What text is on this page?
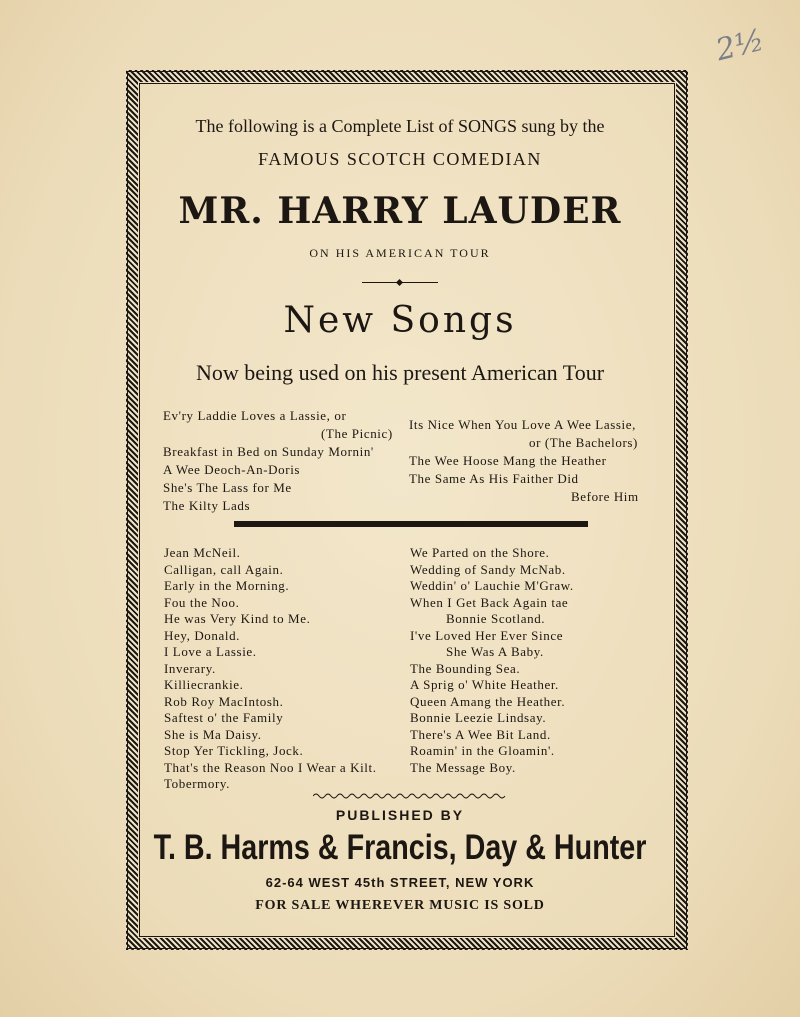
2½
The following is a Complete List of SONGS sung by the
FAMOUS SCOTCH COMEDIAN
MR. HARRY LAUDER
ON HIS AMERICAN TOUR
New Songs
Now being used on his present American Tour
Ev'ry Laddie Loves a Lassie, or
(The Picnic)
Breakfast in Bed on Sunday Mornin'
A Wee Deoch-An-Doris
She's The Lass for Me
The Kilty Lads
Its Nice When You Love A Wee Lassie,
or (The Bachelors)
The Wee Hoose Mang the Heather
The Same As His Faither Did
Before Him
Jean McNeil.
Calligan, call Again.
Early in the Morning.
Fou the Noo.
He was Very Kind to Me.
Hey, Donald.
I Love a Lassie.
Inverary.
Killiecrankie.
Rob Roy MacIntosh.
Saftest o' the Family
She is Ma Daisy.
Stop Yer Tickling, Jock.
That's the Reason Noo I Wear a Kilt.
Tobermory.
We Parted on the Shore.
Wedding of Sandy McNab.
Weddin' o' Lauchie M'Graw.
When I Get Back Again tae
Bonnie Scotland.
I've Loved Her Ever Since
She Was A Baby.
The Bounding Sea.
A Sprig o' White Heather.
Queen Amang the Heather.
Bonnie Leezie Lindsay.
There's A Wee Bit Land.
Roamin' in the Gloamin'.
The Message Boy.
PUBLISHED BY
T. B. Harms & Francis, Day & Hunter
62-64 WEST 45th STREET, NEW YORK
FOR SALE WHEREVER MUSIC IS SOLD
